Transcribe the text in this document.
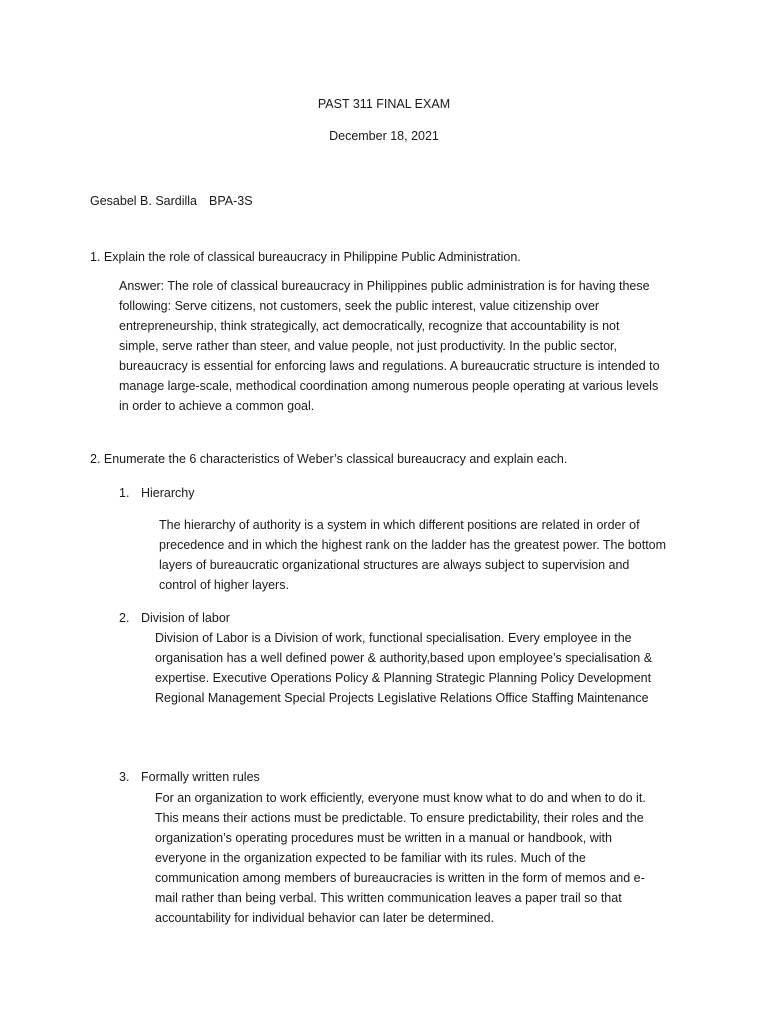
PAST 311 FINAL EXAM
December 18, 2021
Gesabel B. Sardilla BPA-3S
1. Explain the role of classical bureaucracy in Philippine Public Administration.
Answer: The role of classical bureaucracy in Philippines public administration is for having these
following: Serve citizens, not customers, seek the public interest, value citizenship over
entrepreneurship, think strategically, act democratically, recognize that accountability is not
simple, serve rather than steer, and value people, not just productivity. In the public sector,
bureaucracy is essential for enforcing laws and regulations. A bureaucratic structure is intended to
manage large-scale, methodical coordination among numerous people operating at various levels
in order to achieve a common goal.
2. Enumerate the 6 characteristics of Weber’s classical bureaucracy and explain each.
1. Hierarchy
The hierarchy of authority is a system in which different positions are related in order of
precedence and in which the highest rank on the ladder has the greatest power. The bottom
layers of bureaucratic organizational structures are always subject to supervision and
control of higher layers.
2. Division of labor
Division of Labor is a Division of work, functional specialisation. Every employee in the
organisation has a well defined power & authority,based upon employee’s specialisation &
expertise. Executive Operations Policy & Planning Strategic Planning Policy Development
Regional Management Special Projects Legislative Relations Office Staffing Maintenance
3. Formally written rules
For an organization to work efficiently, everyone must know what to do and when to do it.
This means their actions must be predictable. To ensure predictability, their roles and the
organization’s operating procedures must be written in a manual or handbook, with
everyone in the organization expected to be familiar with its rules. Much of the
communication among members of bureaucracies is written in the form of memos and e-
mail rather than being verbal. This written communication leaves a paper trail so that
accountability for individual behavior can later be determined.
